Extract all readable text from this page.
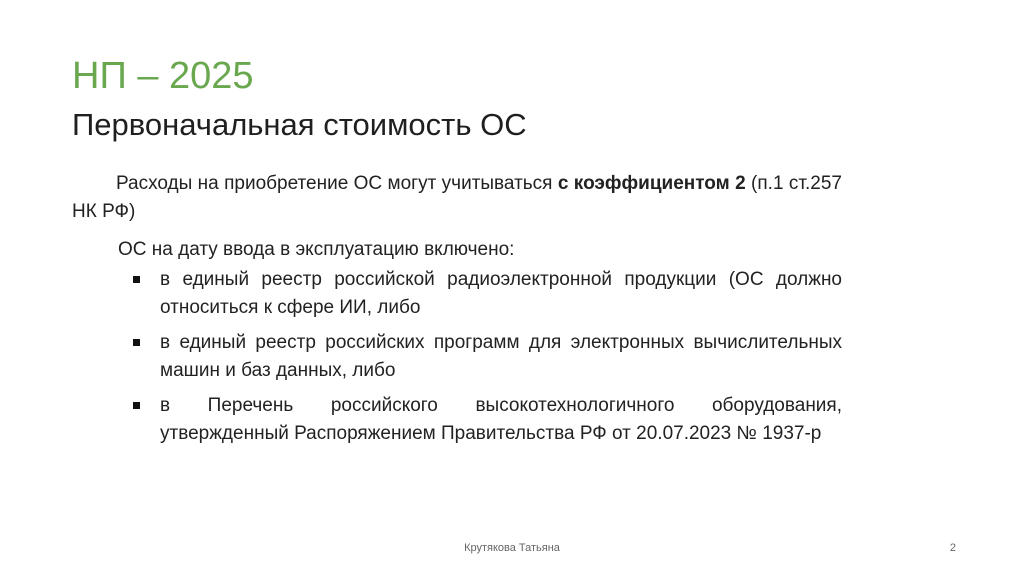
НП – 2025
Первоначальная стоимость ОС

Расходы на приобретение ОС могут учитываться с коэффициентом 2 (п.1 ст.257 НК РФ)

ОС на дату ввода в эксплуатацию включено:

в единый реестр российской радиоэлектронной продукции (ОС должно относиться к сфере ИИ, либо
в единый реестр российских программ для электронных вычислительных машин и баз данных, либо
в Перечень российского высокотехнологичного оборудования, утвержденный Распоряжением Правительства РФ от 20.07.2023 № 1937-р
Крутякова Татьяна	2
